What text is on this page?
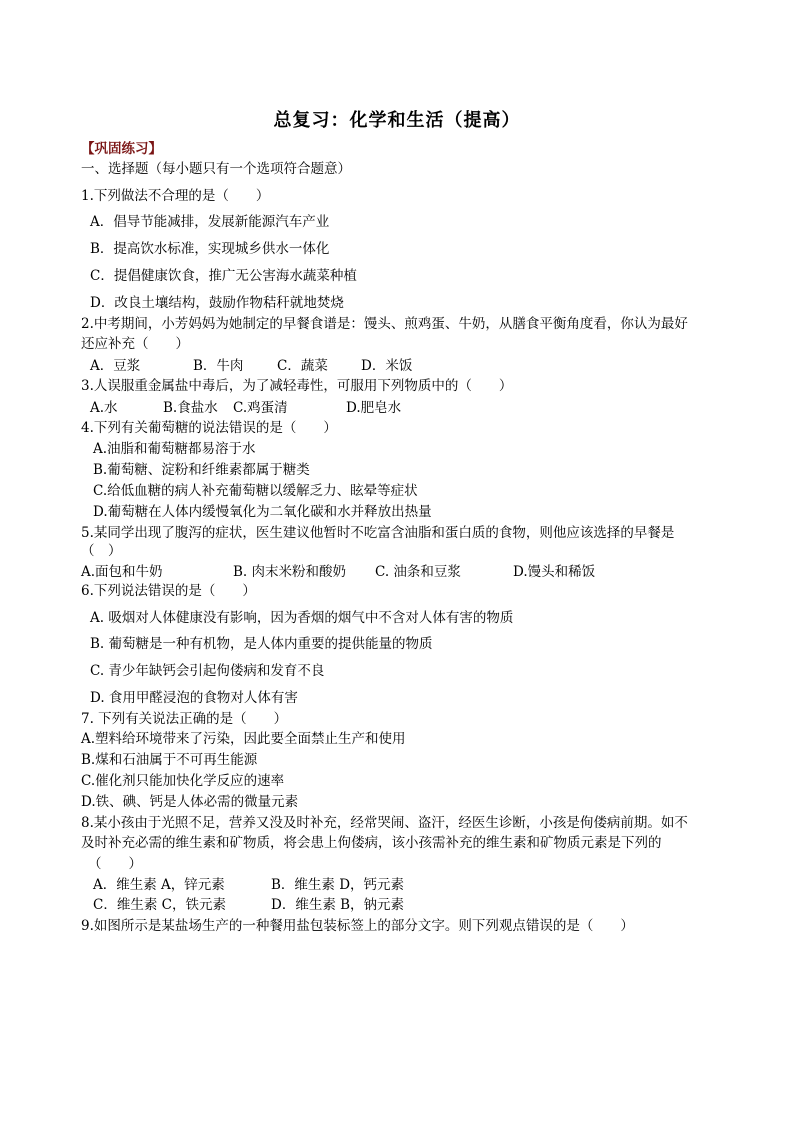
总复习：化学和生活（提高）
【巩固练习】
一、选择题（每小题只有一个选项符合题意）
1.下列做法不合理的是（　　）
A．倡导节能减排，发展新能源汽车产业
B．提高饮水标准，实现城乡供水一体化
C．提倡健康饮食，推广无公害海水蔬菜种植
D．改良土壤结构，鼓励作物秸秆就地焚烧
2.中考期间，小芳妈妈为她制定的早餐食谱是：馒头、煎鸡蛋、牛奶，从膳食平衡角度看，你认为最好
还应补充（　　）
A．豆浆	B．牛肉 C．蔬菜 D．米饭
3.人误服重金属盐中毒后，为了减轻毒性，可服用下列物质中的（　　）
A.水	B.食盐水 C.鸡蛋清	D.肥皂水
4.下列有关葡萄糖的说法错误的是（　　）
A.油脂和葡萄糖都易溶于水
B.葡萄糖、淀粉和纤维素都属于糖类
C.给低血糖的病人补充葡萄糖以缓解乏力、眩晕等症状
D.葡萄糖在人体内缓慢氧化为二氧化碳和水并释放出热量
5.某同学出现了腹泻的症状，医生建议他暂时不吃富含油脂和蛋白质的食物，则他应该选择的早餐是
（　）
A.面包和牛奶	B. 肉末米粉和酸奶 C. 油条和豆浆	D.馒头和稀饭
6.下列说法错误的是（　　）
A. 吸烟对人体健康没有影响，因为香烟的烟气中不含对人体有害的物质
B. 葡萄糖是一种有机物，是人体内重要的提供能量的物质
C. 青少年缺钙会引起佝偻病和发育不良
D. 食用甲醛浸泡的食物对人体有害
7. 下列有关说法正确的是（　　）
A.塑料给环境带来了污染，因此要全面禁止生产和使用
B.煤和石油属于不可再生能源
C.催化剂只能加快化学反应的速率
D.铁、碘、钙是人体必需的微量元素
8.某小孩由于光照不足，营养又没及时补充，经常哭闹、盗汗，经医生诊断，小孩是佝偻病前期。如不
及时补充必需的维生素和矿物质，将会患上佝偻病，该小孩需补充的维生素和矿物质元素是下列的
（　　）
A．维生素 A，锌元素	B．维生素 D，钙元素
C．维生素 C，铁元素	D．维生素 B，钠元素
9.如图所示是某盐场生产的一种餐用盐包装标签上的部分文字。则下列观点错误的是（　　）
